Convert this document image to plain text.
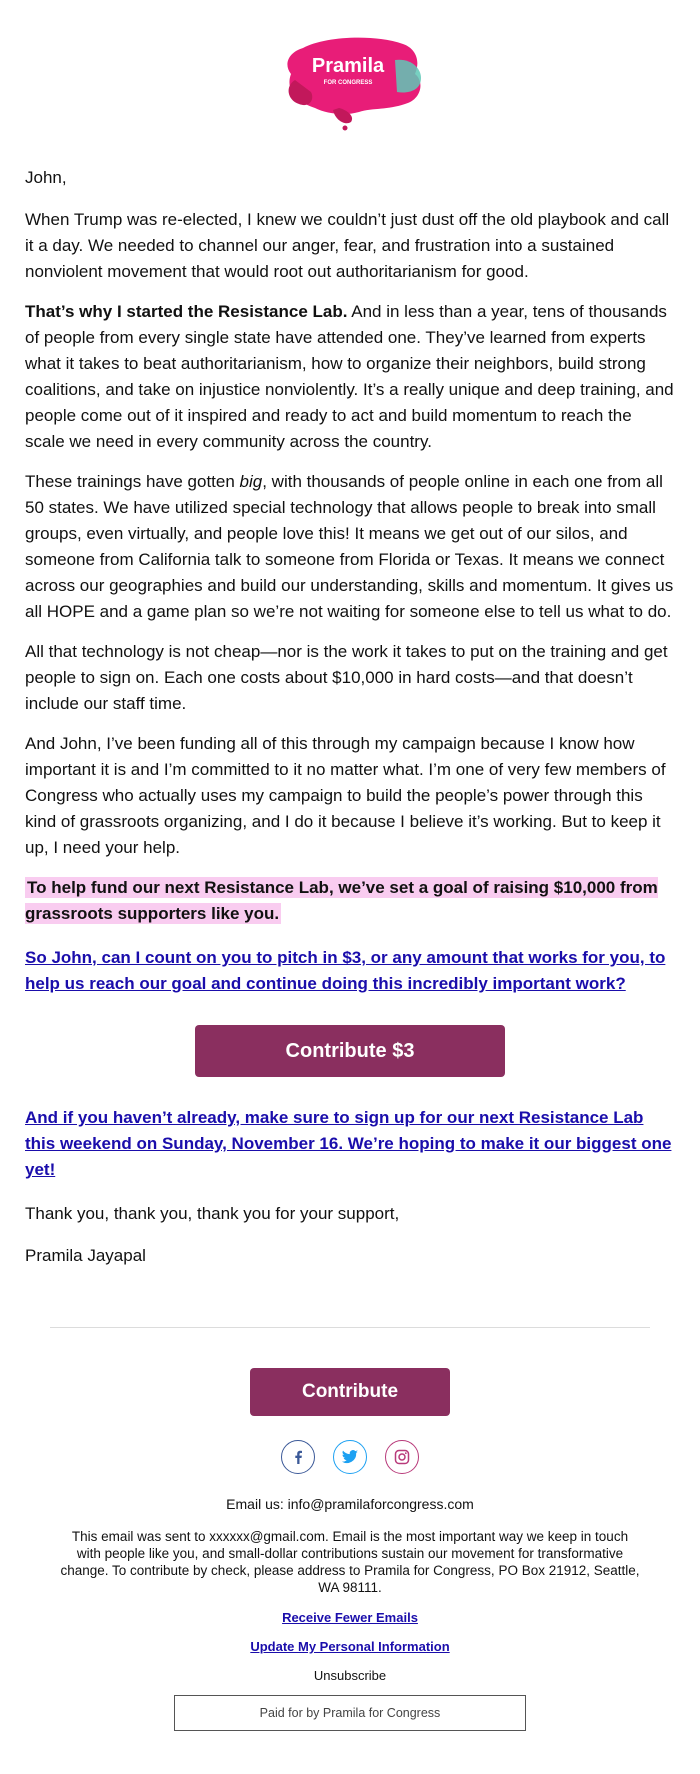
Pramila
FOR CONGRESS

John,

When Trump was re-elected, I knew we couldn’t just dust off the old playbook and call it a day. We needed to channel our anger, fear, and frustration into a sustained nonviolent movement that would root out authoritarianism for good.

That’s why I started the Resistance Lab. And in less than a year, tens of thousands of people from every single state have attended one. They’ve learned from experts what it takes to beat authoritarianism, how to organize their neighbors, build strong coalitions, and take on injustice nonviolently. It’s a really unique and deep training, and people come out of it inspired and ready to act and build momentum to reach the scale we need in every community across the country.

These trainings have gotten big, with thousands of people online in each one from all 50 states. We have utilized special technology that allows people to break into small groups, even virtually, and people love this! It means we get out of our silos, and someone from California talk to someone from Florida or Texas. It means we connect across our geographies and build our understanding, skills and momentum. It gives us all HOPE and a game plan so we’re not waiting for someone else to tell us what to do.

All that technology is not cheap—nor is the work it takes to put on the training and get people to sign on. Each one costs about $10,000 in hard costs—and that doesn’t include our staff time.

And John, I’ve been funding all of this through my campaign because I know how important it is and I’m committed to it no matter what. I’m one of very few members of Congress who actually uses my campaign to build the people’s power through this kind of grassroots organizing, and I do it because I believe it’s working. But to keep it up, I need your help.

To help fund our next Resistance Lab, we’ve set a goal of raising $10,000 from grassroots supporters like you.

So John, can I count on you to pitch in $3, or any amount that works for you, to help us reach our goal and continue doing this incredibly important work?

Contribute $3

And if you haven’t already, make sure to sign up for our next Resistance Lab this weekend on Sunday, November 16. We’re hoping to make it our biggest one yet!

Thank you, thank you, thank you for your support,

Pramila Jayapal

Contribute
Email us: info@pramilaforcongress.com
This email was sent to xxxxxx@gmail.com. Email is the most important way we keep in touch with people like you, and small-dollar contributions sustain our movement for transformative change. To contribute by check, please address to Pramila for Congress, PO Box 21912, Seattle, WA 98111.
Receive Fewer Emails
Update My Personal Information
Unsubscribe
Paid for by Pramila for Congress
